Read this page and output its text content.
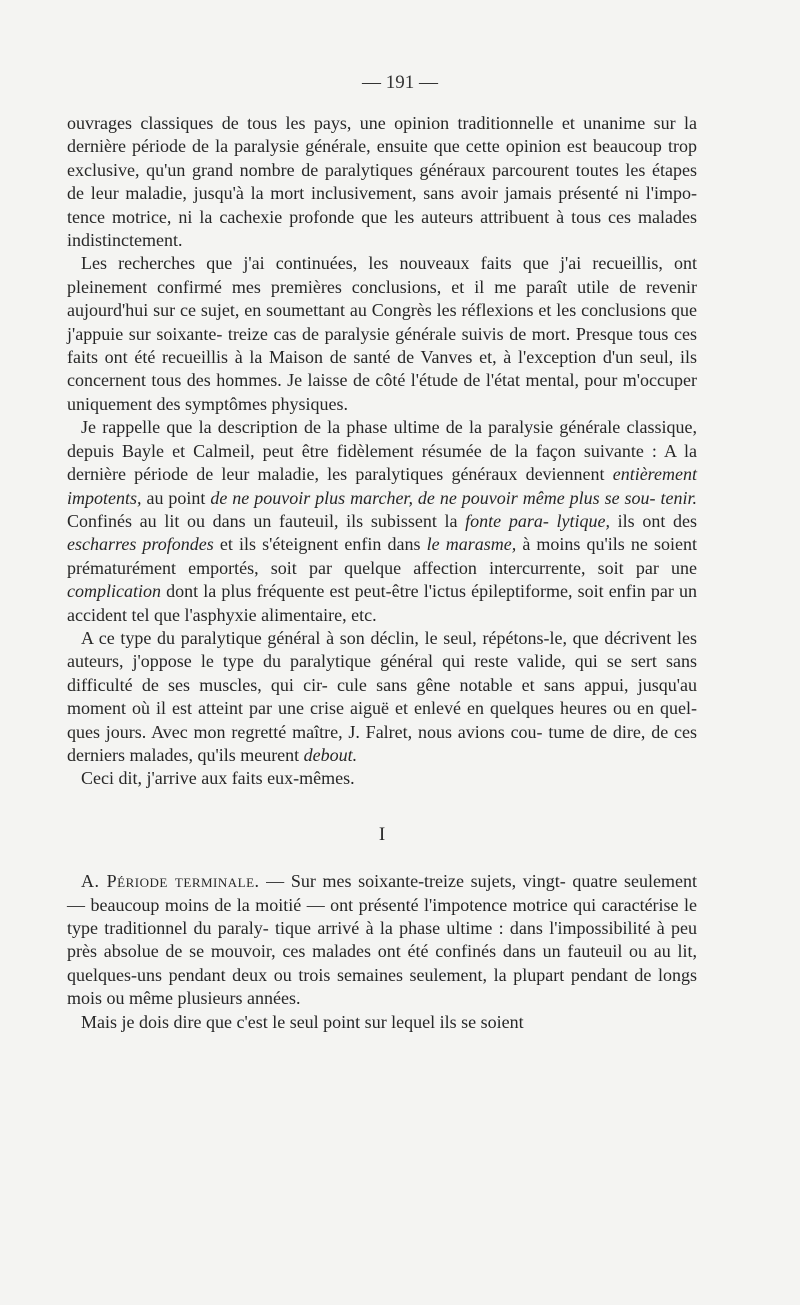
— 191 —

ouvrages classiques de tous les pays, une opinion traditionnelle et unanime sur la dernière période de la paralysie générale, ensuite que cette opinion est beaucoup trop exclusive, qu'un grand nombre de paralytiques généraux parcourent toutes les étapes de leur maladie, jusqu'à la mort inclusivement, sans avoir jamais présenté ni l'impo- tence motrice, ni la cachexie profonde que les auteurs attribuent à tous ces malades indistinctement.

Les recherches que j'ai continuées, les nouveaux faits que j'ai recueillis, ont pleinement confirmé mes premières conclusions, et il me paraît utile de revenir aujourd'hui sur ce sujet, en soumettant au Congrès les réflexions et les conclusions que j'appuie sur soixante- treize cas de paralysie générale suivis de mort. Presque tous ces faits ont été recueillis à la Maison de santé de Vanves et, à l'exception d'un seul, ils concernent tous des hommes. Je laisse de côté l'étude de l'état mental, pour m'occuper uniquement des symptômes physiques.

Je rappelle que la description de la phase ultime de la paralysie générale classique, depuis Bayle et Calmeil, peut être fidèlement résumée de la façon suivante : A la dernière période de leur maladie, les paralytiques généraux deviennent entièrement impotents, au point de ne pouvoir plus marcher, de ne pouvoir même plus se sou- tenir. Confinés au lit ou dans un fauteuil, ils subissent la fonte para- lytique, ils ont des escharres profondes et ils s'éteignent enfin dans le marasme, à moins qu'ils ne soient prématurément emportés, soit par quelque affection intercurrente, soit par une complication dont la plus fréquente est peut-être l'ictus épileptiforme, soit enfin par un accident tel que l'asphyxie alimentaire, etc.

A ce type du paralytique général à son déclin, le seul, répétons-le, que décrivent les auteurs, j'oppose le type du paralytique général qui reste valide, qui se sert sans difficulté de ses muscles, qui cir- cule sans gêne notable et sans appui, jusqu'au moment où il est atteint par une crise aiguë et enlevé en quelques heures ou en quel- ques jours. Avec mon regretté maître, J. Falret, nous avions cou- tume de dire, de ces derniers malades, qu'ils meurent debout.

Ceci dit, j'arrive aux faits eux-mêmes.

I

A. Période terminale. — Sur mes soixante-treize sujets, vingt- quatre seulement — beaucoup moins de la moitié — ont présenté l'impotence motrice qui caractérise le type traditionnel du paraly- tique arrivé à la phase ultime : dans l'impossibilité à peu près absolue de se mouvoir, ces malades ont été confinés dans un fauteuil ou au lit, quelques-uns pendant deux ou trois semaines seulement, la plupart pendant de longs mois ou même plusieurs années.

Mais je dois dire que c'est le seul point sur lequel ils se soient
